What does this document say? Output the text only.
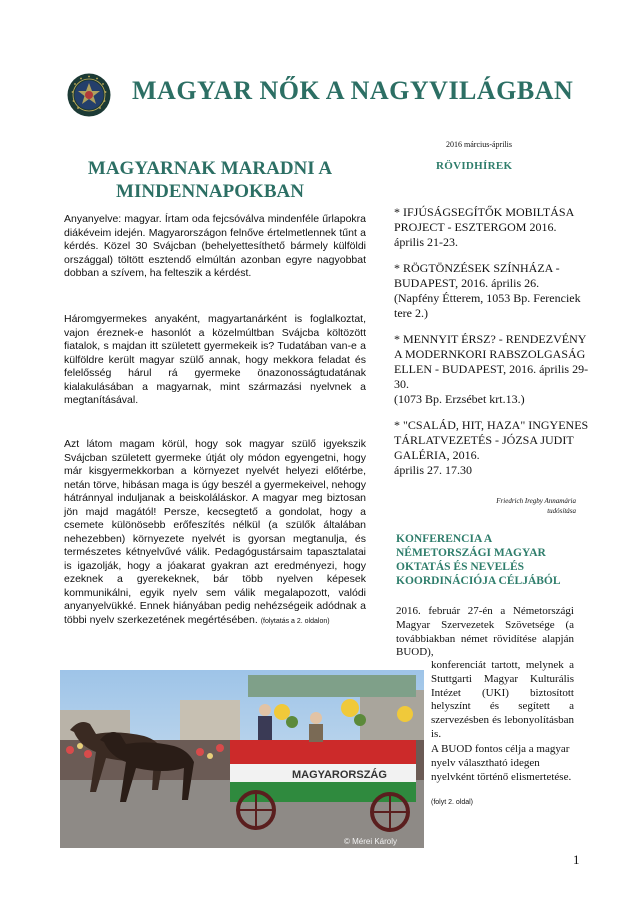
MAGYAR NŐK A NAGYVILÁGBAN
2016 március-április
RÖVIDHÍREK
MAGYARNAK MARADNI A MINDENNAPOKBAN

Anyanyelve: magyar. Írtam oda fejcsóválva mindenféle űrlapokra diákéveim idején. Magyarországon felnőve értelmetlennek tűnt a kérdés. Közel 30 Svájcban (behelyettesíthető bármely külföldi országgal) töltött esztendő elmúltán azonban egyre nagyobbat dobban a szívem, ha felteszik a kérdést.

Háromgyermekes anyaként, magyartanárként is foglalkoztat, vajon éreznek-e hasonlót a közelmúltban Svájcba költözött fiatalok, s majdan itt született gyermekeik is? Tudatában van-e a külföldre került magyar szülő annak, hogy mekkora feladat és felelősség hárul rá gyermeke önazonosságtudatának kialakulásában a magyarnak, mint származási nyelvnek a megtanításával.

Azt látom magam körül, hogy sok magyar szülő igyekszik Svájcban született gyermeke útját oly módon egyengetni, hogy már kisgyermekkorban a környezet nyelvét helyezi előtérbe, netán törve, hibásan maga is úgy beszél a gyermekeivel, nehogy hátránnyal induljanak a beiskoláláskor. A magyar meg biztosan jön majd magától! Persze, kecsegtető a gondolat, hogy a csemete különösebb erőfeszítés nélkül (a szülők általában nehezebben) környezete nyelvét is gyorsan megtanulja, és természetes kétnyelvűvé válik. Pedagógustársaim tapasztalatai is igazolják, hogy a jóakarat gyakran azt eredményezi, hogy ezeknek a gyerekeknek, bár több nyelven képesek kommunikálni, egyik nyelv sem válik megalapozott, valódi anyanyelvükké. Ennek hiányában pedig nehézségeik adódnak a többi nyelv szerkezetének megértésében. (folytatás a 2. oldalon)

* IFJÚSÁGSEGÍTŐK MOBILTÁSA PROJECT - ESZTERGOM 2016.
április 21-23.
* RÖGTÖNZÉSEK SZÍNHÁZA - BUDAPEST, 2016. április 26.
(Napfény Étterem, 1053 Bp. Ferenciek tere 2.)
* MENNYIT ÉRSZ? - RENDEZVÉNY A MODERNKORI RABSZOLGASÁG ELLEN - BUDAPEST, 2016. április 29-30.
(1073 Bp. Erzsébet krt.13.)
* "CSALÁD, HIT, HAZA" INGYENES TÁRLATVEZETÉS - JÓZSA JUDIT GALÉRIA, 2016.
április 27. 17.30
Friedrich Iregby Annamária
tudósítása
KONFERENCIA A NÉMETORSZÁGI MAGYAR OKTATÁS ÉS NEVELÉS KOORDINÁCIÓJA CÉLJÁBÓL

2016. február 27-én a Németországi Magyar Szervezetek Szövetsége (a továbbiakban német rövidítése alapján BUOD),

konferenciát tartott, melynek a Stuttgarti Magyar Kulturális Intézet (UKI) biztosított helyszínt és segített a szervezésben és lebonyolításban is.

A BUOD fontos célja a magyar nyelv választható idegen nyelvként történő elismertetése.

(folyt 2. oldal)
MAGYARORSZÁG
© Mérei Károly
1
